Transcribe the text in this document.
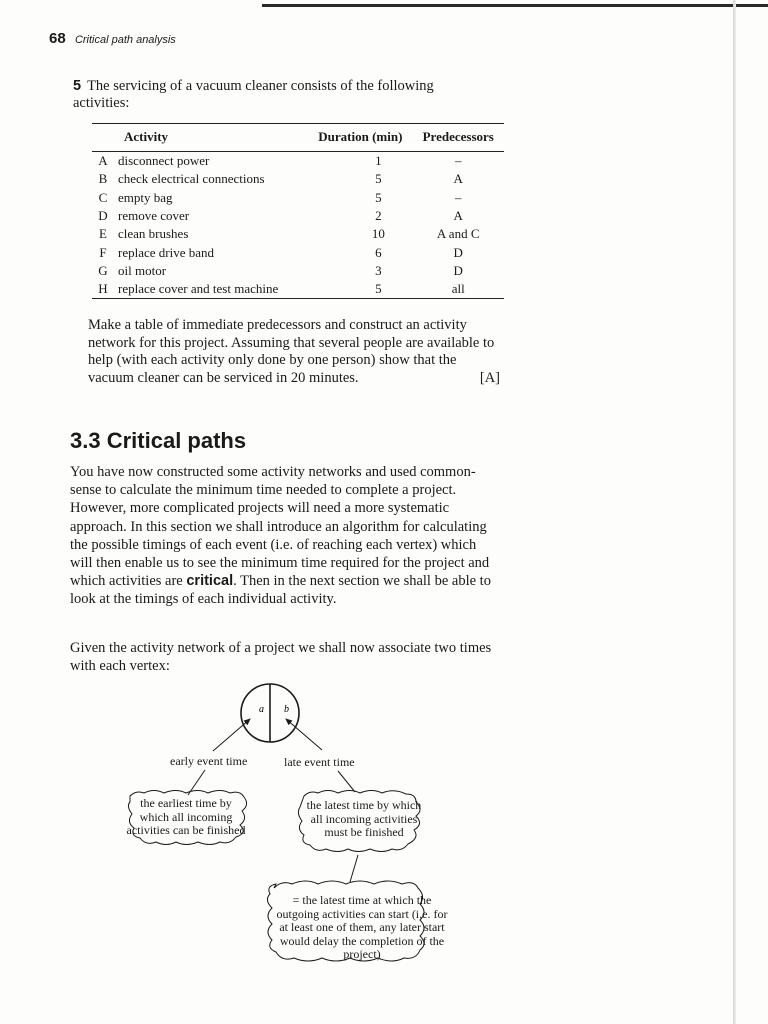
68 Critical path analysis
5 The servicing of a vacuum cleaner consists of the following activities:
Activity		Duration (min)	Predecessors
A	disconnect power	1	–
B	check electrical connections	5	A
C	empty bag	5	–
D	remove cover	2	A
E	clean brushes	10	A and C
F	replace drive band	6	D
G	oil motor	3	D
H	replace cover and test machine	5	all
Make a table of immediate predecessors and construct an activity network for this project. Assuming that several people are available to help (with each activity only done by one person) show that the vacuum cleaner can be serviced in 20 minutes.	[A]
3.3 Critical paths
You have now constructed some activity networks and used common-sense to calculate the minimum time needed to complete a project. However, more complicated projects will need a more systematic approach. In this section we shall introduce an algorithm for calculating the possible timings of each event (i.e. of reaching each vertex) which will then enable us to see the minimum time required for the project and which activities are critical. Then in the next section we shall be able to look at the timings of each individual activity.
Given the activity network of a project we shall now associate two times with each vertex:
a b
early event time	late event time
the earliest time by which all incoming activities can be finished
the latest time by which all incoming activities must be finished
= the latest time at which the outgoing activities can start (i.e. for at least one of them, any later start would delay the completion of the project)
